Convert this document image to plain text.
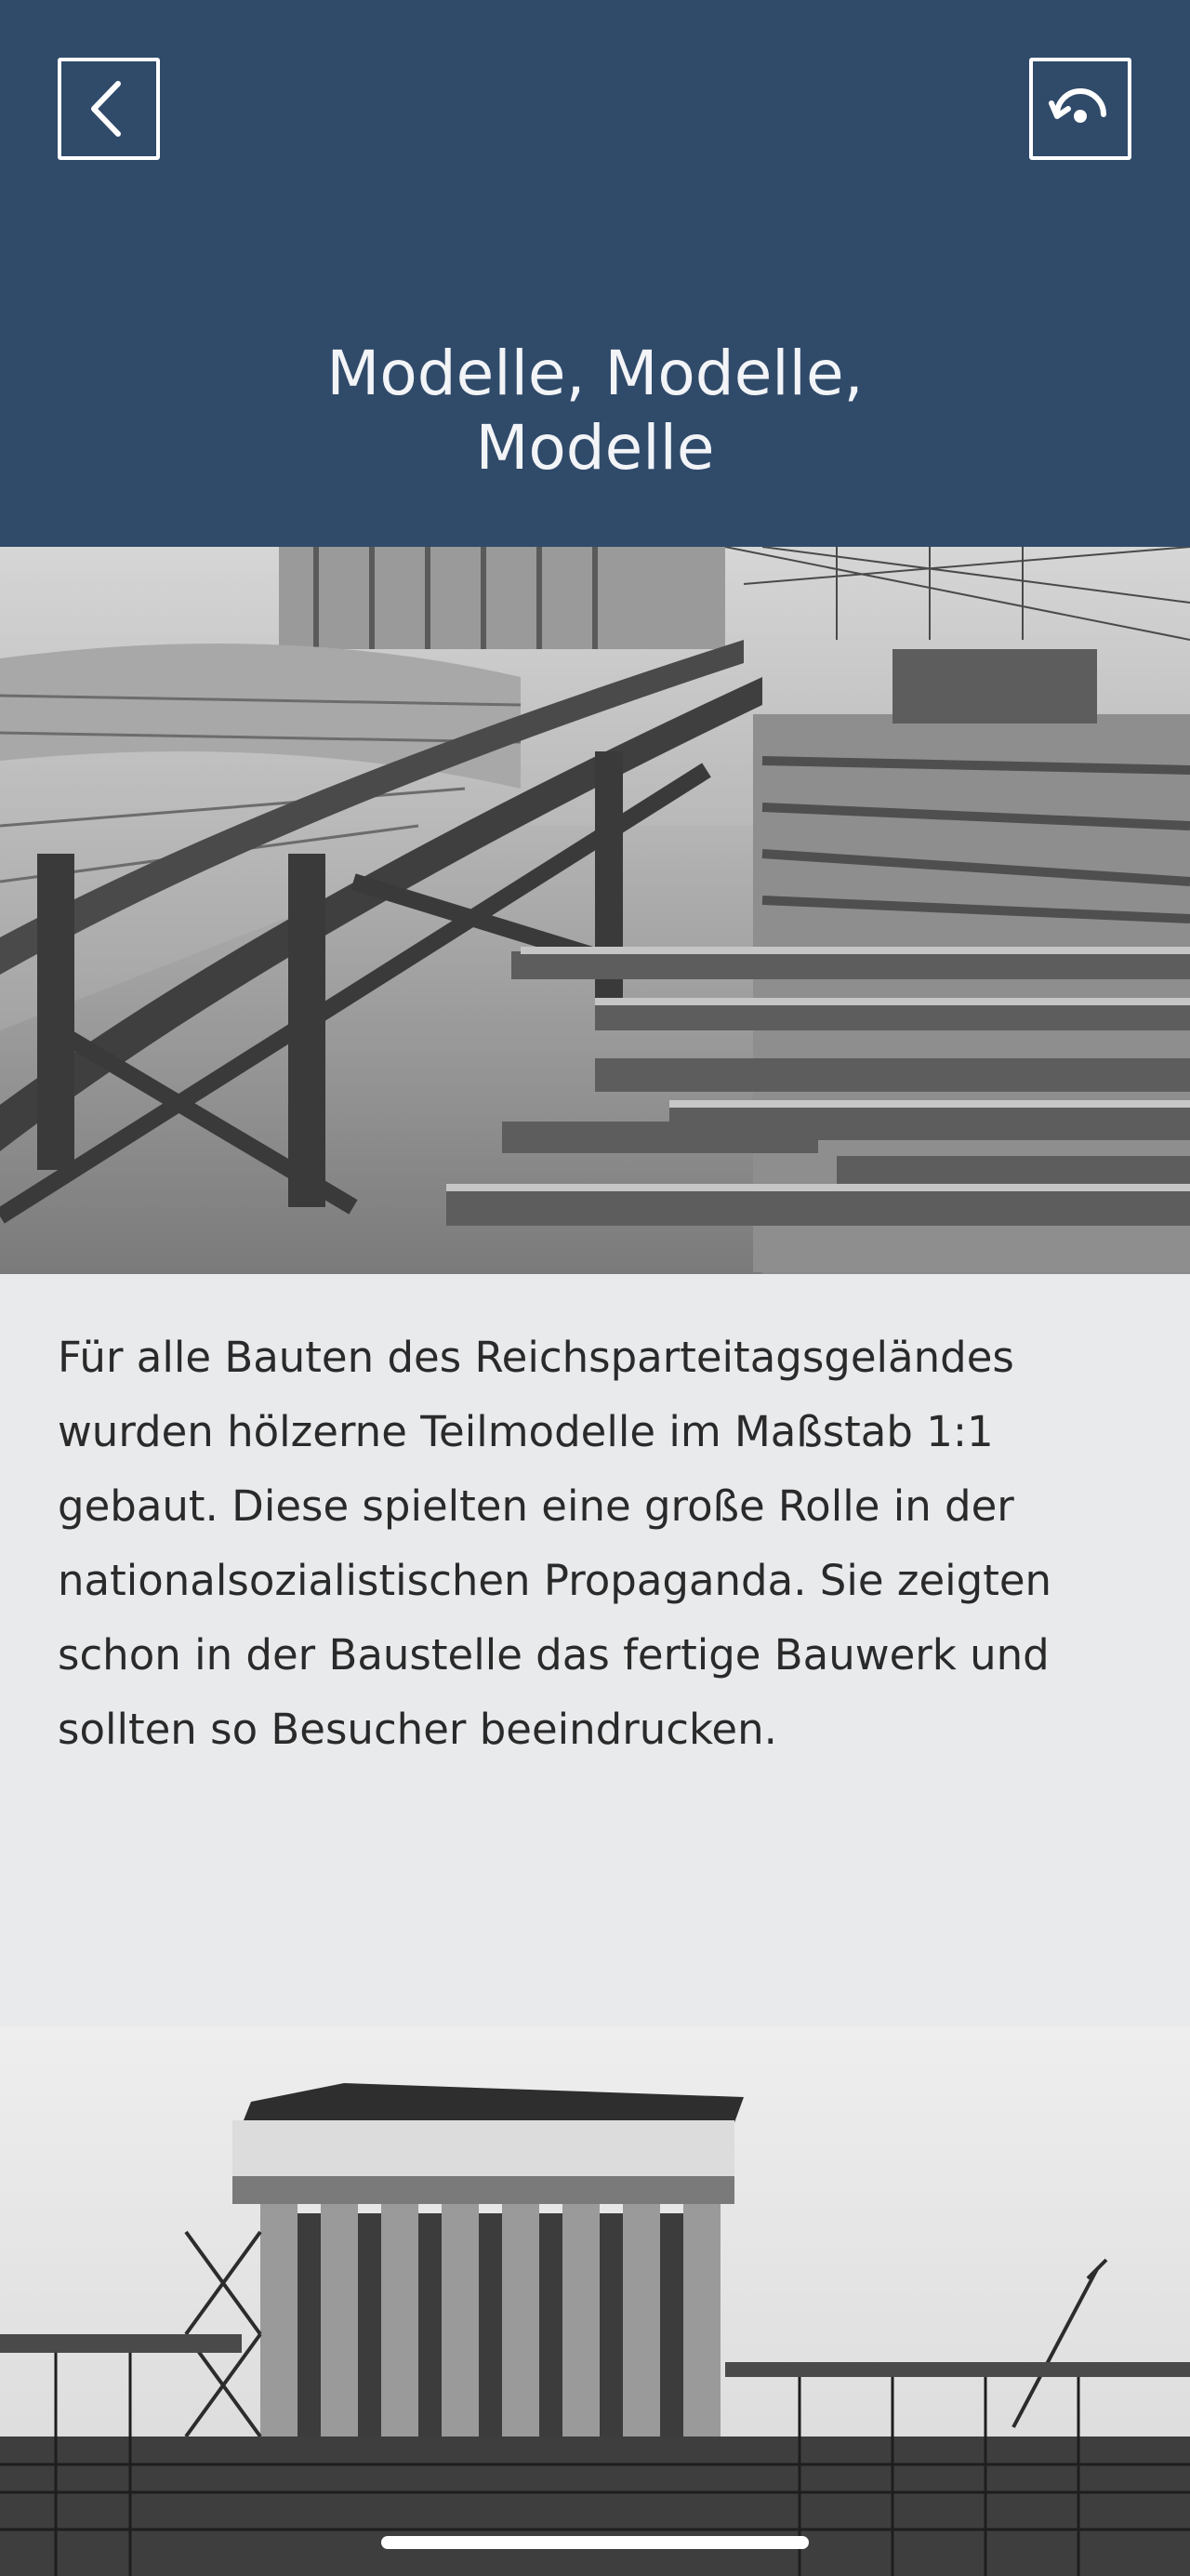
Modelle, Modelle,
Modelle

Für alle Bauten des Reichsparteitagsgeländes wurden hölzerne Teilmodelle im Maßstab 1:1 gebaut. Diese spielten eine große Rolle in der nationalsozialistischen Propaganda. Sie zeigten schon in der Baustelle das fertige Bauwerk und sollten so Besucher beeindrucken.
